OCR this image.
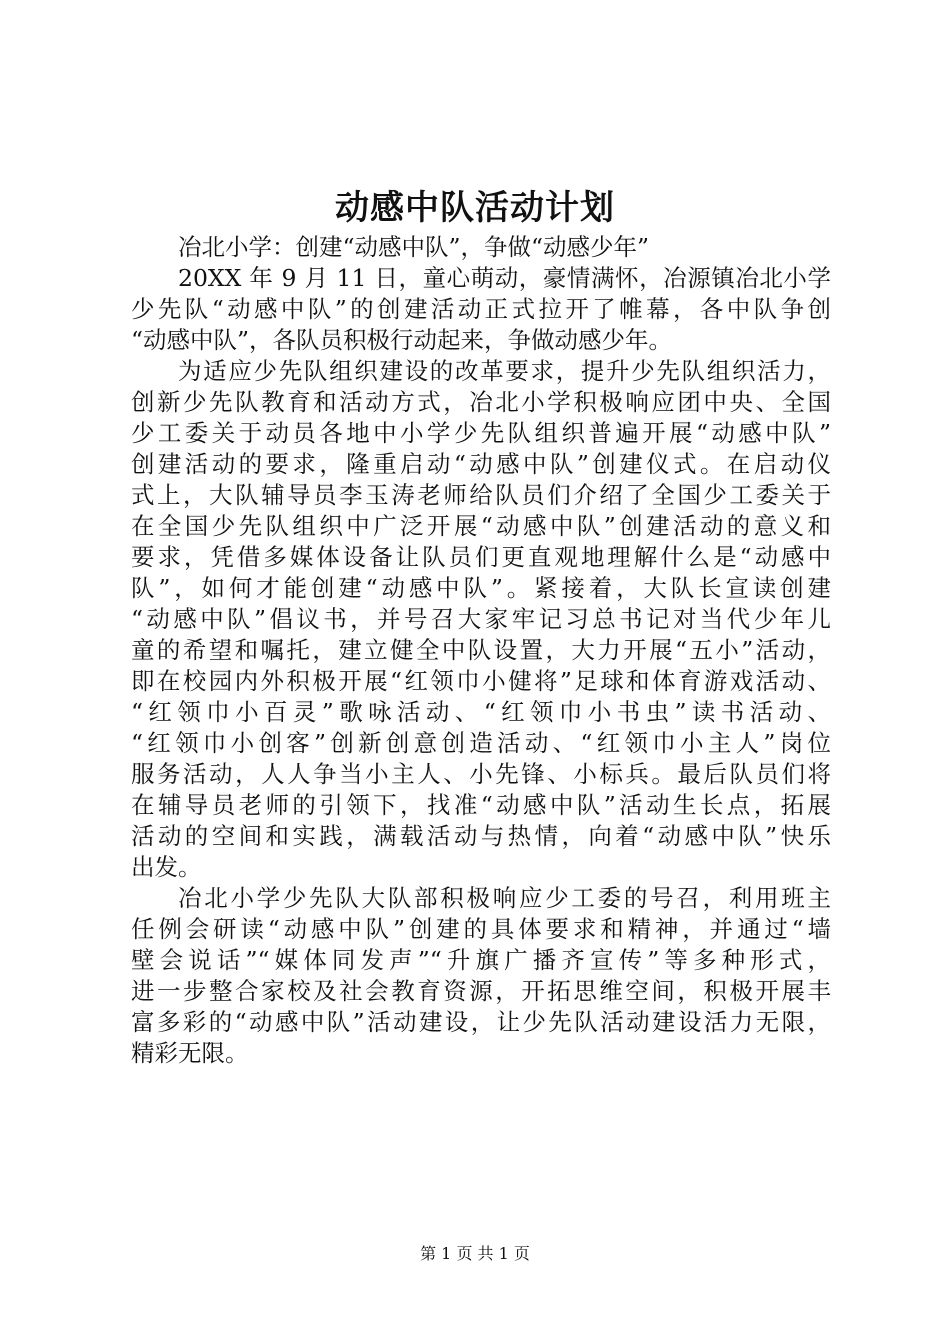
动感中队活动计划
冶北小学：创建“动感中队”，争做“动感少年”
20XX 年 9 月 11 日，童心萌动，豪情满怀，冶源镇冶北小学
少先队“动感中队”的创建活动正式拉开了帷幕，各中队争创
“动感中队”，各队员积极行动起来，争做动感少年。
为适应少先队组织建设的改革要求，提升少先队组织活力，
创新少先队教育和活动方式，冶北小学积极响应团中央、全国
少工委关于动员各地中小学少先队组织普遍开展“动感中队”
创建活动的要求，隆重启动“动感中队”创建仪式。在启动仪
式上，大队辅导员李玉涛老师给队员们介绍了全国少工委关于
在全国少先队组织中广泛开展“动感中队”创建活动的意义和
要求，凭借多媒体设备让队员们更直观地理解什么是“动感中
队”，如何才能创建“动感中队”。紧接着，大队长宣读创建
“动感中队”倡议书，并号召大家牢记习总书记对当代少年儿
童的希望和嘱托，建立健全中队设置，大力开展“五小”活动，
即在校园内外积极开展“红领巾小健将”足球和体育游戏活动、
“红领巾小百灵”歌咏活动、“红领巾小书虫”读书活动、
“红领巾小创客”创新创意创造活动、“红领巾小主人”岗位
服务活动，人人争当小主人、小先锋、小标兵。最后队员们将
在辅导员老师的引领下，找准“动感中队”活动生长点，拓展
活动的空间和实践，满载活动与热情，向着“动感中队”快乐
出发。
冶北小学少先队大队部积极响应少工委的号召，利用班主
任例会研读“动感中队”创建的具体要求和精神，并通过“墙
壁会说话”“媒体同发声”“升旗广播齐宣传”等多种形式，
进一步整合家校及社会教育资源，开拓思维空间，积极开展丰
富多彩的“动感中队”活动建设，让少先队活动建设活力无限，
精彩无限。
第 1 页 共 1 页
